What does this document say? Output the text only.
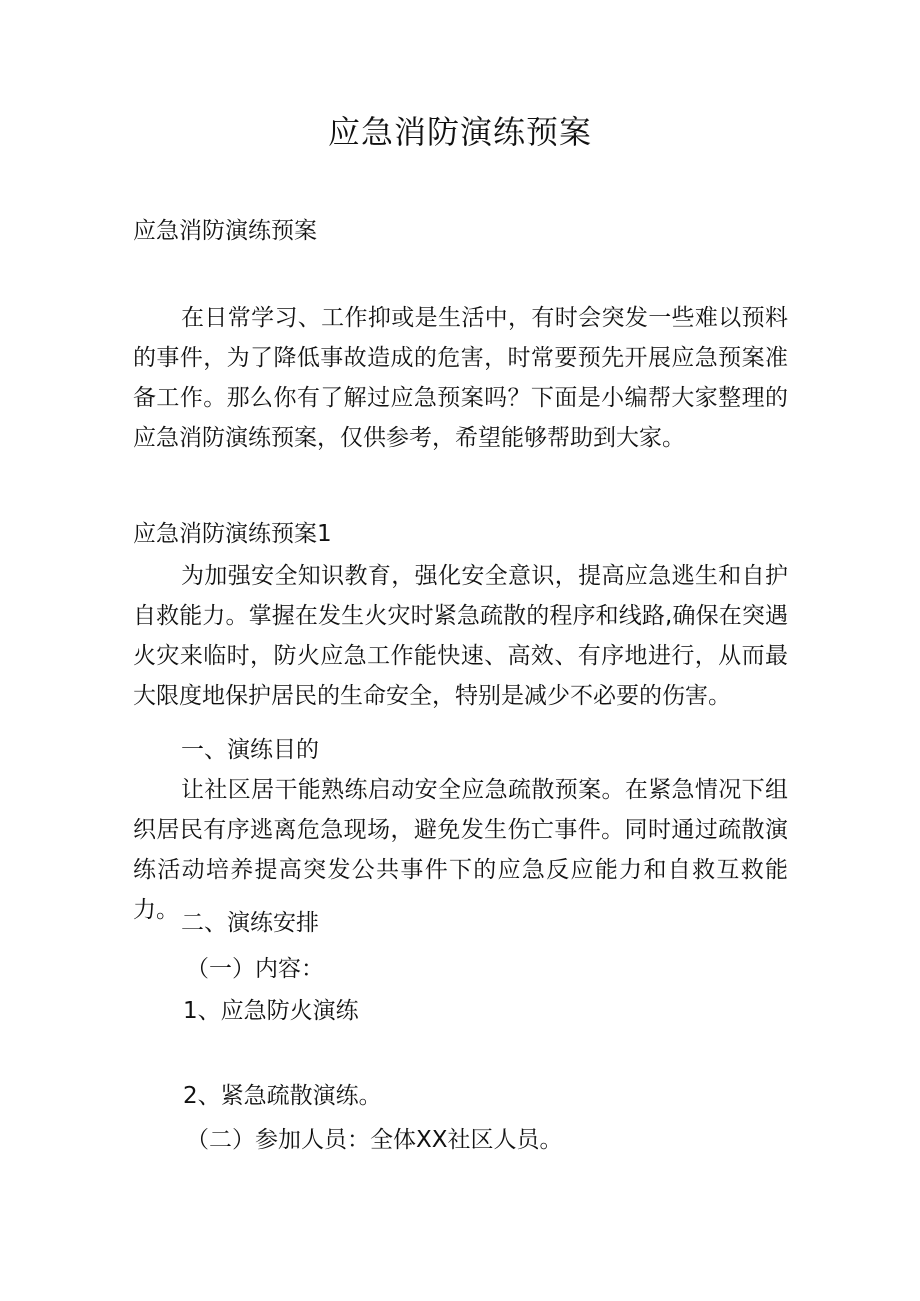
应急消防演练预案
应急消防演练预案
在日常学习、工作抑或是生活中，有时会突发一些难以预料的事件，为了降低事故造成的危害，时常要预先开展应急预案准备工作。那么你有了解过应急预案吗？下面是小编帮大家整理的应急消防演练预案，仅供参考，希望能够帮助到大家。
应急消防演练预案1
为加强安全知识教育，强化安全意识，提高应急逃生和自护自救能力。掌握在发生火灾时紧急疏散的程序和线路,确保在突遇火灾来临时，防火应急工作能快速、高效、有序地进行，从而最大限度地保护居民的生命安全，特别是减少不必要的伤害。
一、演练目的
让社区居干能熟练启动安全应急疏散预案。在紧急情况下组织居民有序逃离危急现场，避免发生伤亡事件。同时通过疏散演练活动培养提高突发公共事件下的应急反应能力和自救互救能力。 二、演练安排
（一）内容：
1、应急防火演练
2、紧急疏散演练。
（二）参加人员：全体XX社区人员。
